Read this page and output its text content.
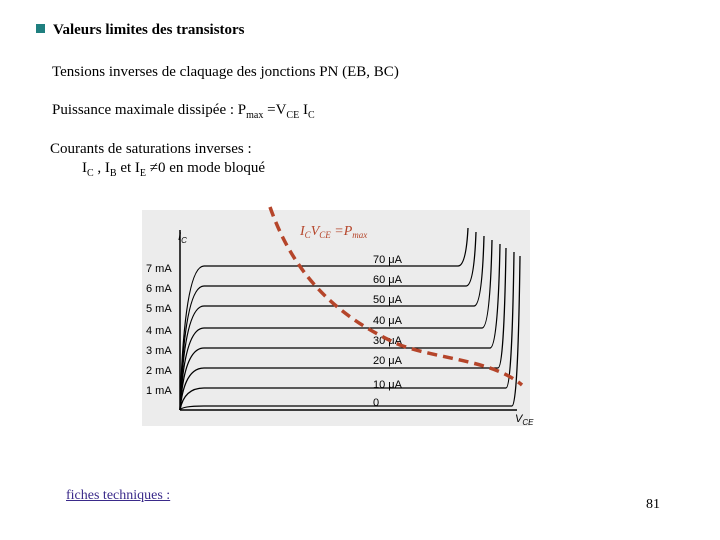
Valeurs limites des transistors
Tensions inverses de claquage des jonctions PN (EB, BC)
Puissance maximale dissipée : $P_{max} =V_{CE}$ $I_C$
Courants de saturations inverses :
$I_C$ , $I_B$ et $I_E \ne 0$ en mode bloqué
$I_C$
$V_{CE}$
7 mA
6 mA
5 mA
4 mA
3 mA
2 mA
1 mA
70 μA
60 μA
50 μA
40 μA
30 μA
20 μA
10 μA
0
$I_CV_{CE} =P_{max}$
fiches techniques :
81
